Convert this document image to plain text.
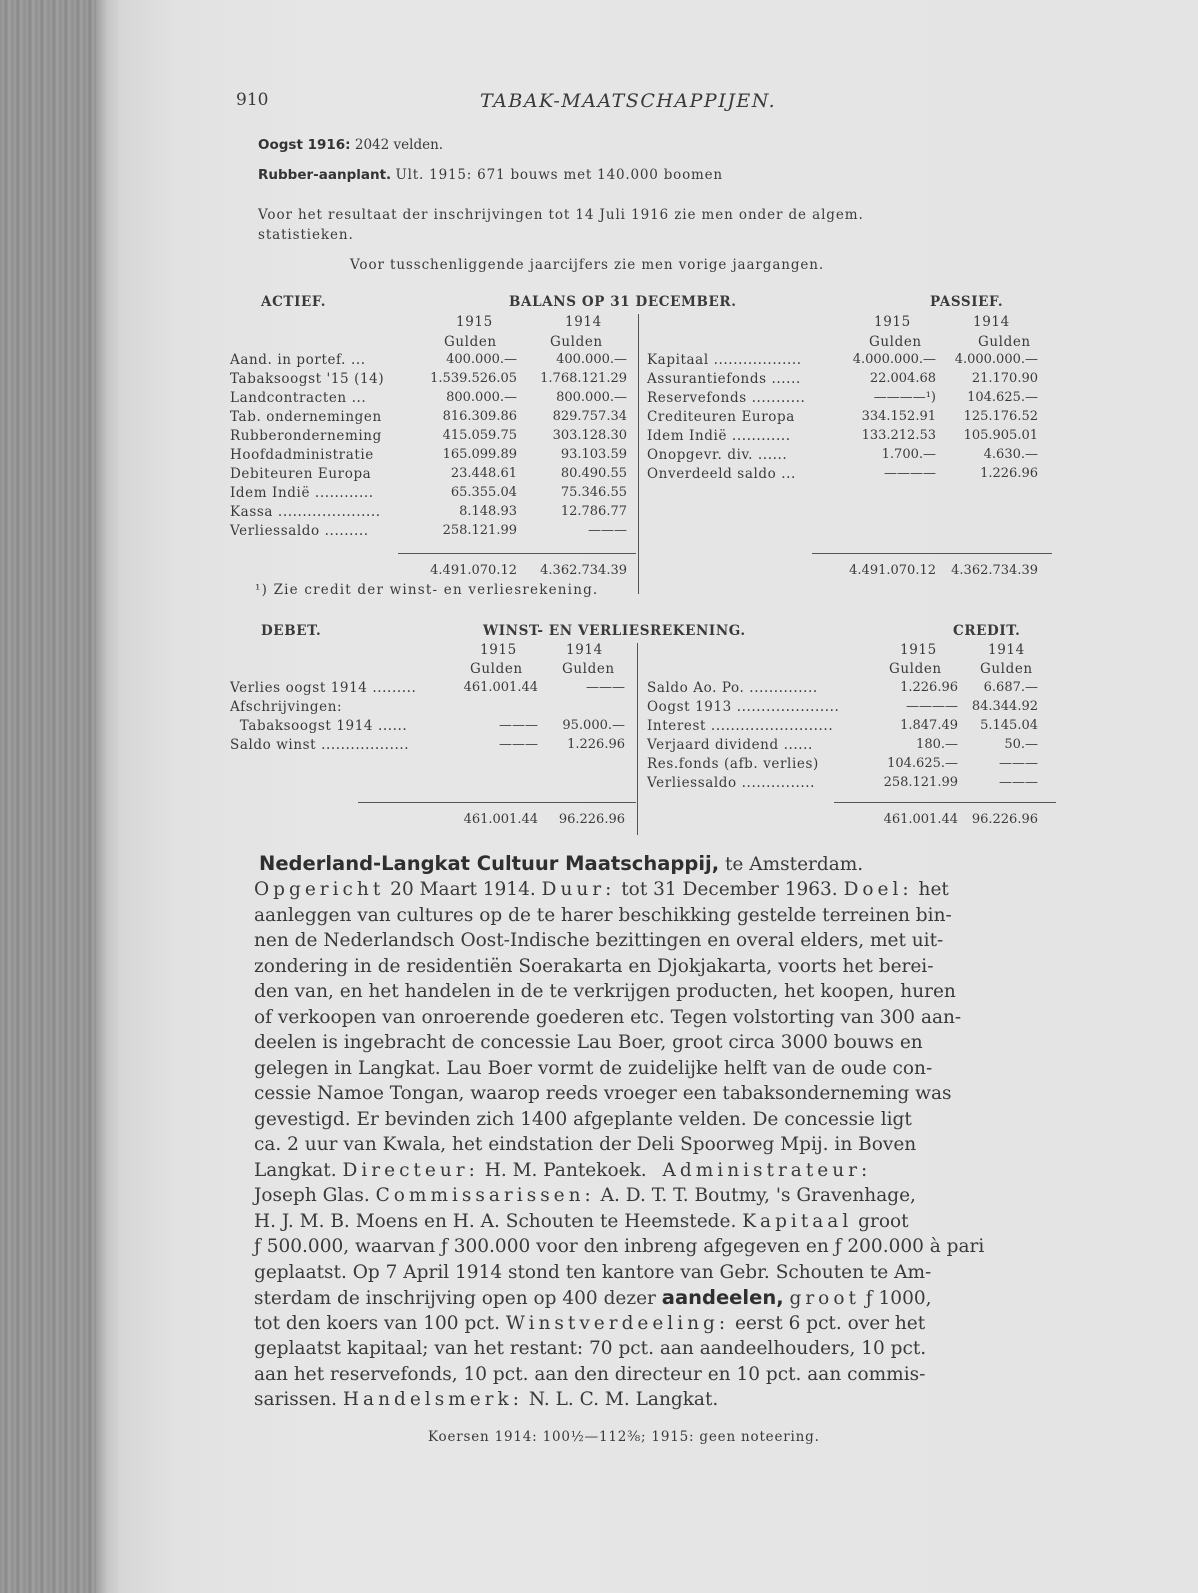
910	TABAK-MAATSCHAPPIJEN.
Oogst 1916: 2042 velden.
Rubber-aanplant. Ult. 1915: 671 bouws met 140.000 boomen
Voor het resultaat der inschrijvingen tot 14 Juli 1916 zie men onder de algem.
statistieken.
Voor tusschenliggende jaarcijfers zie men vorige jaargangen.
ACTIEF.	BALANS OP 31 DECEMBER.	PASSIEF.
1915	1914
Gulden	Gulden
1915	1914
Gulden	Gulden
Aand. in portef. ...	400.000.—	400.000.—
Tabaksoogst '15 (14)	1.539.526.05 1.768.121.29
Landcontracten ...	800.000.—	800.000.—
Tab. ondernemingen	816.309.86	829.757.34
Rubberonderneming	415.059.75	303.128.30
Hoofdadministratie	165.099.89	93.103.59
Debiteuren Europa	23.448.61	80.490.55
Idem Indië ............	65.355.04	75.346.55
Kassa .....................	8.148.93	12.786.77
Verliessaldo .........	258.121.99	———
Kapitaal ..................	4.000.000.— 4.000.000.—
Assurantiefonds ......	22.004.68	21.170.90
Reservefonds ...........	————¹) 104.625.—
Crediteuren Europa	334.152.91 125.176.52
Idem Indië ............	133.212.53 105.905.01
Onopgevr. div. ......	1.700.—	4.630.—
Onverdeeld saldo ...	————	1.226.96
4.491.070.12 4.362.734.39	4.491.070.12 4.362.734.39
¹) Zie credit der winst- en verliesrekening.
DEBET.	WINST- EN VERLIESREKENING.	CREDIT.
1915	1914
Gulden	Gulden
1915	1914
Gulden	Gulden
Verlies oogst 1914 .........	461.001.44	———
Afschrijvingen:
Tabaksoogst 1914 ......	——— 95.000.—
Saldo winst ..................	——— 1.226.96
Saldo Ao. Po. ..............	1.226.96 6.687.—
Oogst 1913 .....................	———— 84.344.92
Interest .........................	1.847.49 5.145.04
Verjaard dividend ......	180.—	50.—
Res.fonds (afb. verlies)	104.625.—	———
Verliessaldo ...............	258.121.99	———
461.001.44 96.226.96	461.001.44 96.226.96
Nederland-Langkat Cultuur Maatschappij, te Amsterdam.
Opgericht 20 Maart 1914. Duur: tot 31 December 1963. Doel: het
aanleggen van cultures op de te harer beschikking gestelde terreinen bin-
nen de Nederlandsch Oost-Indische bezittingen en overal elders, met uit-
zondering in de residentiën Soerakarta en Djokjakarta, voorts het berei-
den van, en het handelen in de te verkrijgen producten, het koopen, huren
of verkoopen van onroerende goederen etc. Tegen volstorting van 300 aan-
deelen is ingebracht de concessie Lau Boer, groot circa 3000 bouws en
gelegen in Langkat. Lau Boer vormt de zuidelijke helft van de oude con-
cessie Namoe Tongan, waarop reeds vroeger een tabaksonderneming was
gevestigd. Er bevinden zich 1400 afgeplante velden. De concessie ligt
ca. 2 uur van Kwala, het eindstation der Deli Spoorweg Mpij. in Boven
Langkat. Directeur: H. M. Pantekoek. Administrateur:
Joseph Glas. Commissarissen: A. D. T. T. Boutmy, 's Gravenhage,
H. J. M. B. Moens en H. A. Schouten te Heemstede. Kapitaal groot
ƒ 500.000, waarvan ƒ 300.000 voor den inbreng afgegeven en ƒ 200.000 à pari
geplaatst. Op 7 April 1914 stond ten kantore van Gebr. Schouten te Am-
sterdam de inschrijving open op 400 dezer aandeelen, groot ƒ 1000,
tot den koers van 100 pct. Winstverdeeling: eerst 6 pct. over het
geplaatst kapitaal; van het restant: 70 pct. aan aandeelhouders, 10 pct.
aan het reservefonds, 10 pct. aan den directeur en 10 pct. aan commis-
sarissen. Handelsmerk: N. L. C. M. Langkat.
Koersen 1914: 100½—112⅜; 1915: geen noteering.
